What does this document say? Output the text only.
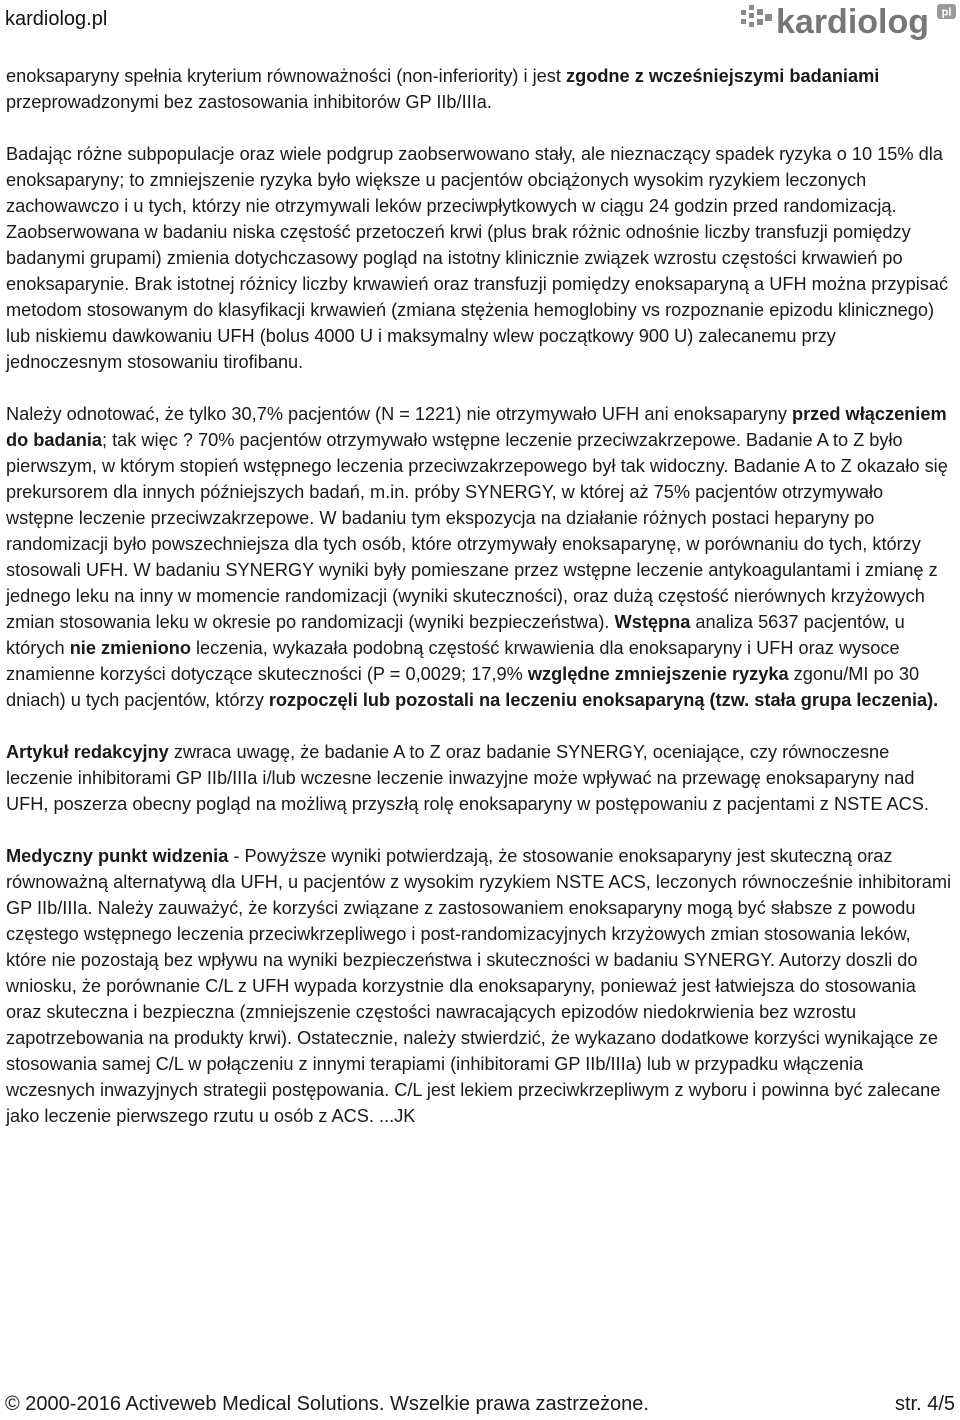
kardiolog.pl	kardiolog pl

enoksaparyny spełnia kryterium równoważności (non-inferiority) i jest zgodne z wcześniejszymi badaniami przeprowadzonymi bez zastosowania inhibitorów GP IIb/IIIa.

Badając różne subpopulacje oraz wiele podgrup zaobserwowano stały, ale nieznaczący spadek ryzyka o 10 15% dla enoksaparyny; to zmniejszenie ryzyka było większe u pacjentów obciążonych wysokim ryzykiem leczonych zachowawczo i u tych, którzy nie otrzymywali leków przeciwpłytkowych w ciągu 24 godzin przed randomizacją. Zaobserwowana w badaniu niska częstość przetoczeń krwi (plus brak różnic odnośnie liczby transfuzji pomiędzy badanymi grupami) zmienia dotychczasowy pogląd na istotny klinicznie związek wzrostu częstości krwawień po enoksaparynie. Brak istotnej różnicy liczby krwawień oraz transfuzji pomiędzy enoksaparyną a UFH można przypisać metodom stosowanym do klasyfikacji krwawień (zmiana stężenia hemoglobiny vs rozpoznanie epizodu klinicznego) lub niskiemu dawkowaniu UFH (bolus 4000 U i maksymalny wlew początkowy 900 U) zalecanemu przy jednoczesnym stosowaniu tirofibanu.

Należy odnotować, że tylko 30,7% pacjentów (N = 1221) nie otrzymywało UFH ani enoksaparyny przed włączeniem do badania; tak więc ? 70% pacjentów otrzymywało wstępne leczenie przeciwzakrzepowe. Badanie A to Z było pierwszym, w którym stopień wstępnego leczenia przeciwzakrzepowego był tak widoczny. Badanie A to Z okazało się prekursorem dla innych późniejszych badań, m.in. próby SYNERGY, w której aż 75% pacjentów otrzymywało wstępne leczenie przeciwzakrzepowe. W badaniu tym ekspozycja na działanie różnych postaci heparyny po randomizacji było powszechniejsza dla tych osób, które otrzymywały enoksaparynę, w porównaniu do tych, którzy stosowali UFH. W badaniu SYNERGY wyniki były pomieszane przez wstępne leczenie antykoagulantami i zmianę z jednego leku na inny w momencie randomizacji (wyniki skuteczności), oraz dużą częstość nierównych krzyżowych zmian stosowania leku w okresie po randomizacji (wyniki bezpieczeństwa). Wstępna analiza 5637 pacjentów, u których nie zmieniono leczenia, wykazała podobną częstość krwawienia dla enoksaparyny i UFH oraz wysoce znamienne korzyści dotyczące skuteczności (P = 0,0029; 17,9% względne zmniejszenie ryzyka zgonu/MI po 30 dniach) u tych pacjentów, którzy rozpoczęli lub pozostali na leczeniu enoksaparyną (tzw. stała grupa leczenia).

Artykuł redakcyjny zwraca uwagę, że badanie A to Z oraz badanie SYNERGY, oceniające, czy równoczesne leczenie inhibitorami GP IIb/IIIa i/lub wczesne leczenie inwazyjne może wpływać na przewagę enoksaparyny nad UFH, poszerza obecny pogląd na możliwą przyszłą rolę enoksaparyny w postępowaniu z pacjentami z NSTE ACS.

Medyczny punkt widzenia - Powyższe wyniki potwierdzają, że stosowanie enoksaparyny jest skuteczną oraz równoważną alternatywą dla UFH, u pacjentów z wysokim ryzykiem NSTE ACS, leczonych równocześnie inhibitorami GP IIb/IIIa. Należy zauważyć, że korzyści związane z zastosowaniem enoksaparyny mogą być słabsze z powodu częstego wstępnego leczenia przeciwkrzepliwego i post-randomizacyjnych krzyżowych zmian stosowania leków, które nie pozostają bez wpływu na wyniki bezpieczeństwa i skuteczności w badaniu SYNERGY. Autorzy doszli do wniosku, że porównanie C/L z UFH wypada korzystnie dla enoksaparyny, ponieważ jest łatwiejsza do stosowania oraz skuteczna i bezpieczna (zmniejszenie częstości nawracających epizodów niedokrwienia bez wzrostu zapotrzebowania na produkty krwi). Ostatecznie, należy stwierdzić, że wykazano dodatkowe korzyści wynikające ze stosowania samej C/L w połączeniu z innymi terapiami (inhibitorami GP IIb/IIIa) lub w przypadku włączenia wczesnych inwazyjnych strategii postępowania. C/L jest lekiem przeciwkrzepliwym z wyboru i powinna być zalecane jako leczenie pierwszego rzutu u osób z ACS. ...JK

© 2000-2016 Activeweb Medical Solutions. Wszelkie prawa zastrzeżone.	str. 4/5
